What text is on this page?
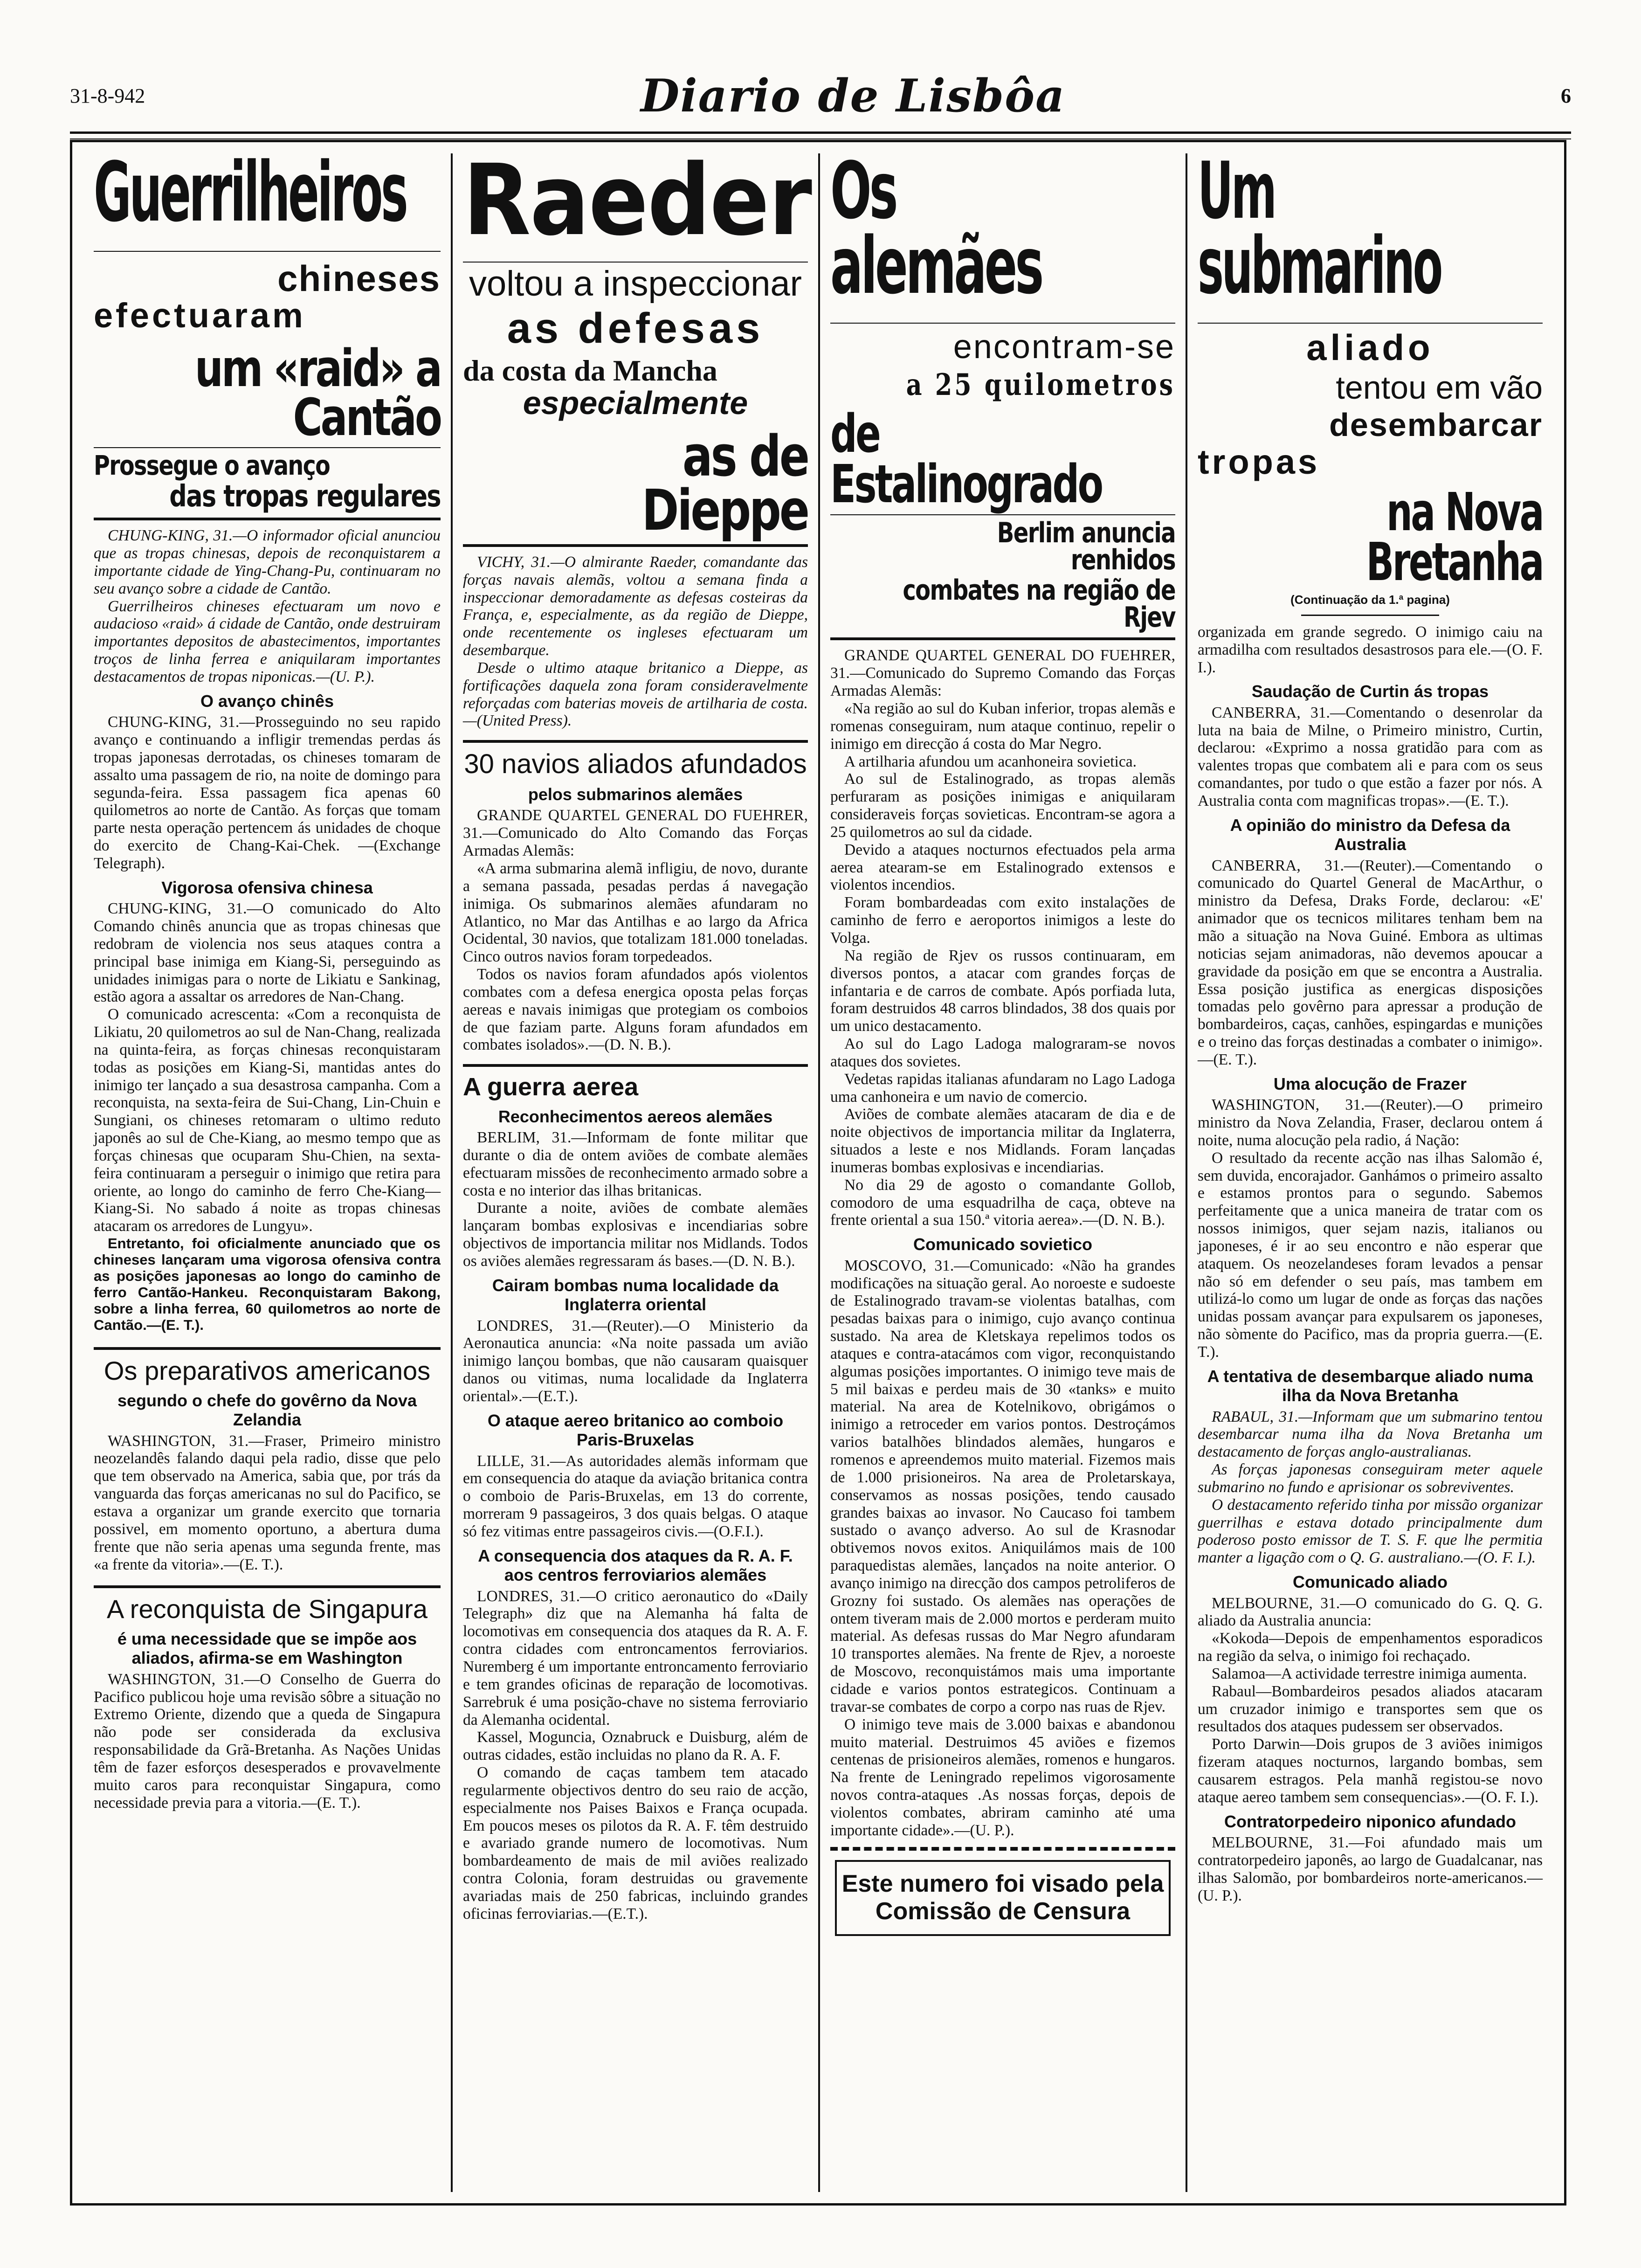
31-8-942	Diario de Lisbôa	6

Guerrilheiros

chineses

efectuaram

um «raid» a Cantão

Prossegue o avanço

das tropas regulares

CHUNG-KING, 31.—O informador oficial anunciou que as tropas chinesas, depois de reconquistarem a importante cidade de Ying-Chang-Pu, continuaram no seu avanço sobre a cidade de Cantão.

Guerrilheiros chineses efectuaram um novo e audacioso «raid» á cidade de Cantão, onde destruiram importantes depositos de abastecimentos, importantes troços de linha ferrea e aniquilaram importantes destacamentos de tropas niponicas.—(U. P.).

O avanço chinês

CHUNG-KING, 31.—Prosseguindo no seu rapido avanço e continuando a infligir tremendas perdas ás tropas japonesas derrotadas, os chineses tomaram de assalto uma passagem de rio, na noite de domingo para segunda-feira. Essa passagem fica apenas 60 quilometros ao norte de Cantão. As forças que tomam parte nesta operação pertencem ás unidades de choque do exercito de Chang-Kai-Chek. —(Exchange Telegraph).

Vigorosa ofensiva chinesa

CHUNG-KING, 31.—O comunicado do Alto Comando chinês anuncia que as tropas chinesas que redobram de violencia nos seus ataques contra a principal base inimiga em Kiang-Si, perseguindo as unidades inimigas para o norte de Likiatu e Sankinag, estão agora a assaltar os arredores de Nan-Chang.

O comunicado acrescenta: «Com a reconquista de Likiatu, 20 quilometros ao sul de Nan-Chang, realizada na quinta-feira, as forças chinesas reconquistaram todas as posições em Kiang-Si, mantidas antes do inimigo ter lançado a sua desastrosa campanha. Com a reconquista, na sexta-feira de Sui-Chang, Lin-Chuin e Sungiani, os chineses retomaram o ultimo reduto japonês ao sul de Che-Kiang, ao mesmo tempo que as forças chinesas que ocuparam Shu-Chien, na sexta-feira continuaram a perseguir o inimigo que retira para oriente, ao longo do caminho de ferro Che-Kiang—Kiang-Si. No sabado á noite as tropas chinesas atacaram os arredores de Lungyu».

Entretanto, foi oficialmente anunciado que os chineses lançaram uma vigorosa ofensiva contra as posições japonesas ao longo do caminho de ferro Cantão-Hankeu. Reconquistaram Bakong, sobre a linha ferrea, 60 quilometros ao norte de Cantão.—(E. T.).

Os preparativos americanos

segundo o chefe do govêrno da Nova Zelandia

WASHINGTON, 31.—Fraser, Primeiro ministro neozelandês falando daqui pela radio, disse que pelo que tem observado na America, sabia que, por trás da vanguarda das forças americanas no sul do Pacifico, se estava a organizar um grande exercito que tornaria possivel, em momento oportuno, a abertura duma frente que não seria apenas uma segunda frente, mas «a frente da vitoria».—(E. T.).

A reconquista de Singapura

é uma necessidade que se impõe aos aliados, afirma-se em Washington

WASHINGTON, 31.—O Conselho de Guerra do Pacifico publicou hoje uma revisão sôbre a situação no Extremo Oriente, dizendo que a queda de Singapura não pode ser considerada da exclusiva responsabilidade da Grã-Bretanha. As Nações Unidas têm de fazer esforços desesperados e provavelmente muito caros para reconquistar Singapura, como necessidade previa para a vitoria.—(E. T.).

Raeder

voltou a inspeccionar

as defesas

da costa da Mancha

especialmente

as de Dieppe

VICHY, 31.—O almirante Raeder, comandante das forças navais alemãs, voltou a semana finda a inspeccionar demoradamente as defesas costeiras da França, e, especialmente, as da região de Dieppe, onde recentemente os ingleses efectuaram um desembarque.

Desde o ultimo ataque britanico a Dieppe, as fortificações daquela zona foram consideravelmente reforçadas com baterias moveis de artilharia de costa.—(United Press).

30 navios aliados afundados

pelos submarinos alemães

GRANDE QUARTEL GENERAL DO FUEHRER, 31.—Comunicado do Alto Comando das Forças Armadas Alemãs:

«A arma submarina alemã infligiu, de novo, durante a semana passada, pesadas perdas á navegação inimiga. Os submarinos alemães afundaram no Atlantico, no Mar das Antilhas e ao largo da Africa Ocidental, 30 navios, que totalizam 181.000 toneladas. Cinco outros navios foram torpedeados.

Todos os navios foram afundados após violentos combates com a defesa energica oposta pelas forças aereas e navais inimigas que protegiam os comboios de que faziam parte. Alguns foram afundados em combates isolados».—(D. N. B.).

A guerra aerea

Reconhecimentos aereos alemães

BERLIM, 31.—Informam de fonte militar que durante o dia de ontem aviões de combate alemães efectuaram missões de reconhecimento armado sobre a costa e no interior das ilhas britanicas.

Durante a noite, aviões de combate alemães lançaram bombas explosivas e incendiarias sobre objectivos de importancia militar nos Midlands. Todos os aviões alemães regressaram ás bases.—(D. N. B.).

Cairam bombas numa localidade da Inglaterra oriental

LONDRES, 31.—(Reuter).—O Ministerio da Aeronautica anuncia: «Na noite passada um avião inimigo lançou bombas, que não causaram quaisquer danos ou vitimas, numa localidade da Inglaterra oriental».—(E.T.).

O ataque aereo britanico ao comboio Paris-Bruxelas

LILLE, 31.—As autoridades alemãs informam que em consequencia do ataque da aviação britanica contra o comboio de Paris-Bruxelas, em 13 do corrente, morreram 9 passageiros, 3 dos quais belgas. O ataque só fez vitimas entre passageiros civis.—(O.F.I.).

A consequencia dos ataques da R. A. F. aos centros ferroviarios alemães

LONDRES, 31.—O critico aeronautico do «Daily Telegraph» diz que na Alemanha há falta de locomotivas em consequencia dos ataques da R. A. F. contra cidades com entroncamentos ferroviarios. Nuremberg é um importante entroncamento ferroviario e tem grandes oficinas de reparação de locomotivas. Sarrebruk é uma posição-chave no sistema ferroviario da Alemanha ocidental.

Kassel, Moguncia, Oznabruck e Duisburg, além de outras cidades, estão incluidas no plano da R. A. F.

O comando de caças tambem tem atacado regularmente objectivos dentro do seu raio de acção, especialmente nos Paises Baixos e França ocupada. Em poucos meses os pilotos da R. A. F. têm destruido e avariado grande numero de locomotivas. Num bombardeamento de mais de mil aviões realizado contra Colonia, foram destruidas ou gravemente avariadas mais de 250 fabricas, incluindo grandes oficinas ferroviarias.—(E.T.).

Os alemães

encontram-se

a 25 quilometros

de Estalinogrado

Berlim anuncia renhidos

combates na região de Rjev

GRANDE QUARTEL GENERAL DO FUEHRER, 31.—Comunicado do Supremo Comando das Forças Armadas Alemãs:

«Na região ao sul do Kuban inferior, tropas alemãs e romenas conseguiram, num ataque continuo, repelir o inimigo em direcção á costa do Mar Negro.

A artilharia afundou um acanhoneira sovietica.

Ao sul de Estalinogrado, as tropas alemãs perfuraram as posições inimigas e aniquilaram consideraveis forças sovieticas. Encontram-se agora a 25 quilometros ao sul da cidade.

Devido a ataques nocturnos efectuados pela arma aerea atearam-se em Estalinogrado extensos e violentos incendios.

Foram bombardeadas com exito instalações de caminho de ferro e aeroportos inimigos a leste do Volga.

Na região de Rjev os russos continuaram, em diversos pontos, a atacar com grandes forças de infantaria e de carros de combate. Após porfiada luta, foram destruidos 48 carros blindados, 38 dos quais por um unico destacamento.

Ao sul do Lago Ladoga malograram-se novos ataques dos sovietes.

Vedetas rapidas italianas afundaram no Lago Ladoga uma canhoneira e um navio de comercio.

Aviões de combate alemães atacaram de dia e de noite objectivos de importancia militar da Inglaterra, situados a leste e nos Midlands. Foram lançadas inumeras bombas explosivas e incendiarias.

No dia 29 de agosto o comandante Gollob, comodoro de uma esquadrilha de caça, obteve na frente oriental a sua 150.ª vitoria aerea».—(D. N. B.).

Comunicado sovietico

MOSCOVO, 31.—Comunicado: «Não ha grandes modificações na situação geral. Ao noroeste e sudoeste de Estalinogrado travam-se violentas batalhas, com pesadas baixas para o inimigo, cujo avanço continua sustado. Na area de Kletskaya repelimos todos os ataques e contra-atacámos com vigor, reconquistando algumas posições importantes. O inimigo teve mais de 5 mil baixas e perdeu mais de 30 «tanks» e muito material. Na area de Kotelnikovo, obrigámos o inimigo a retroceder em varios pontos. Destroçámos varios batalhões blindados alemães, hungaros e romenos e apreendemos muito material. Fizemos mais de 1.000 prisioneiros. Na area de Proletarskaya, conservamos as nossas posições, tendo causado grandes baixas ao invasor. No Caucaso foi tambem sustado o avanço adverso. Ao sul de Krasnodar obtivemos novos exitos. Aniquilámos mais de 100 paraquedistas alemães, lançados na noite anterior. O avanço inimigo na direcção dos campos petroliferos de Grozny foi sustado. Os alemães nas operações de ontem tiveram mais de 2.000 mortos e perderam muito material. As defesas russas do Mar Negro afundaram 10 transportes alemães. Na frente de Rjev, a noroeste de Moscovo, reconquistámos mais uma importante cidade e varios pontos estrategicos. Continuam a travar-se combates de corpo a corpo nas ruas de Rjev.

O inimigo teve mais de 3.000 baixas e abandonou muito material. Destruimos 45 aviões e fizemos centenas de prisioneiros alemães, romenos e hungaros. Na frente de Leningrado repelimos vigorosamente novos contra-ataques .As nossas forças, depois de violentos combates, abriram caminho até uma importante cidade».—(U. P.).

Este numero foi visado pela Comissão de Censura

Um submarino

aliado

tentou em vão

desembarcar

tropas

na Nova Bretanha

(Continuação da 1.ª pagina)

organizada em grande segredo. O inimigo caiu na armadilha com resultados desastrosos para ele.—(O. F. I.).

Saudação de Curtin ás tropas

CANBERRA, 31.—Comentando o desenrolar da luta na baia de Milne, o Primeiro ministro, Curtin, declarou: «Exprimo a nossa gratidão para com as valentes tropas que combatem ali e para com os seus comandantes, por tudo o que estão a fazer por nós. A Australia conta com magnificas tropas».—(E. T.).

A opinião do ministro da Defesa da Australia

CANBERRA, 31.—(Reuter).—Comentando o comunicado do Quartel General de MacArthur, o ministro da Defesa, Draks Forde, declarou: «E' animador que os tecnicos militares tenham bem na mão a situação na Nova Guiné. Embora as ultimas noticias sejam animadoras, não devemos apoucar a gravidade da posição em que se encontra a Australia. Essa posição justifica as energicas disposições tomadas pelo govêrno para apressar a produção de bombardeiros, caças, canhões, espingardas e munições e o treino das forças destinadas a combater o inimigo».—(E. T.).

Uma alocução de Frazer

WASHINGTON, 31.—(Reuter).—O primeiro ministro da Nova Zelandia, Fraser, declarou ontem á noite, numa alocução pela radio, á Nação:

O resultado da recente acção nas ilhas Salomão é, sem duvida, encorajador. Ganhámos o primeiro assalto e estamos prontos para o segundo. Sabemos perfeitamente que a unica maneira de tratar com os nossos inimigos, quer sejam nazis, italianos ou japoneses, é ir ao seu encontro e não esperar que ataquem. Os neozelandeses foram levados a pensar não só em defender o seu país, mas tambem em utilizá-lo como um lugar de onde as forças das nações unidas possam avançar para expulsarem os japoneses, não sòmente do Pacifico, mas da propria guerra.—(E. T.).

A tentativa de desembarque aliado numa ilha da Nova Bretanha

RABAUL, 31.—Informam que um submarino tentou desembarcar numa ilha da Nova Bretanha um destacamento de forças anglo-australianas.

As forças japonesas conseguiram meter aquele submarino no fundo e aprisionar os sobreviventes.

O destacamento referido tinha por missão organizar guerrilhas e estava dotado principalmente dum poderoso posto emissor de T. S. F. que lhe permitia manter a ligação com o Q. G. australiano.—(O. F. I.).

Comunicado aliado

MELBOURNE, 31.—O comunicado do G. Q. G. aliado da Australia anuncia:

«Kokoda—Depois de empenhamentos esporadicos na região da selva, o inimigo foi rechaçado.

Salamoa—A actividade terrestre inimiga aumenta.

Rabaul—Bombardeiros pesados aliados atacaram um cruzador inimigo e transportes sem que os resultados dos ataques pudessem ser observados.

Porto Darwin—Dois grupos de 3 aviões inimigos fizeram ataques nocturnos, largando bombas, sem causarem estragos. Pela manhã registou-se novo ataque aereo tambem sem consequencias».—(O. F. I.).

Contratorpedeiro niponico afundado

MELBOURNE, 31.—Foi afundado mais um contratorpedeiro japonês, ao largo de Guadalcanar, nas ilhas Salomão, por bombardeiros norte-americanos.—(U. P.).
